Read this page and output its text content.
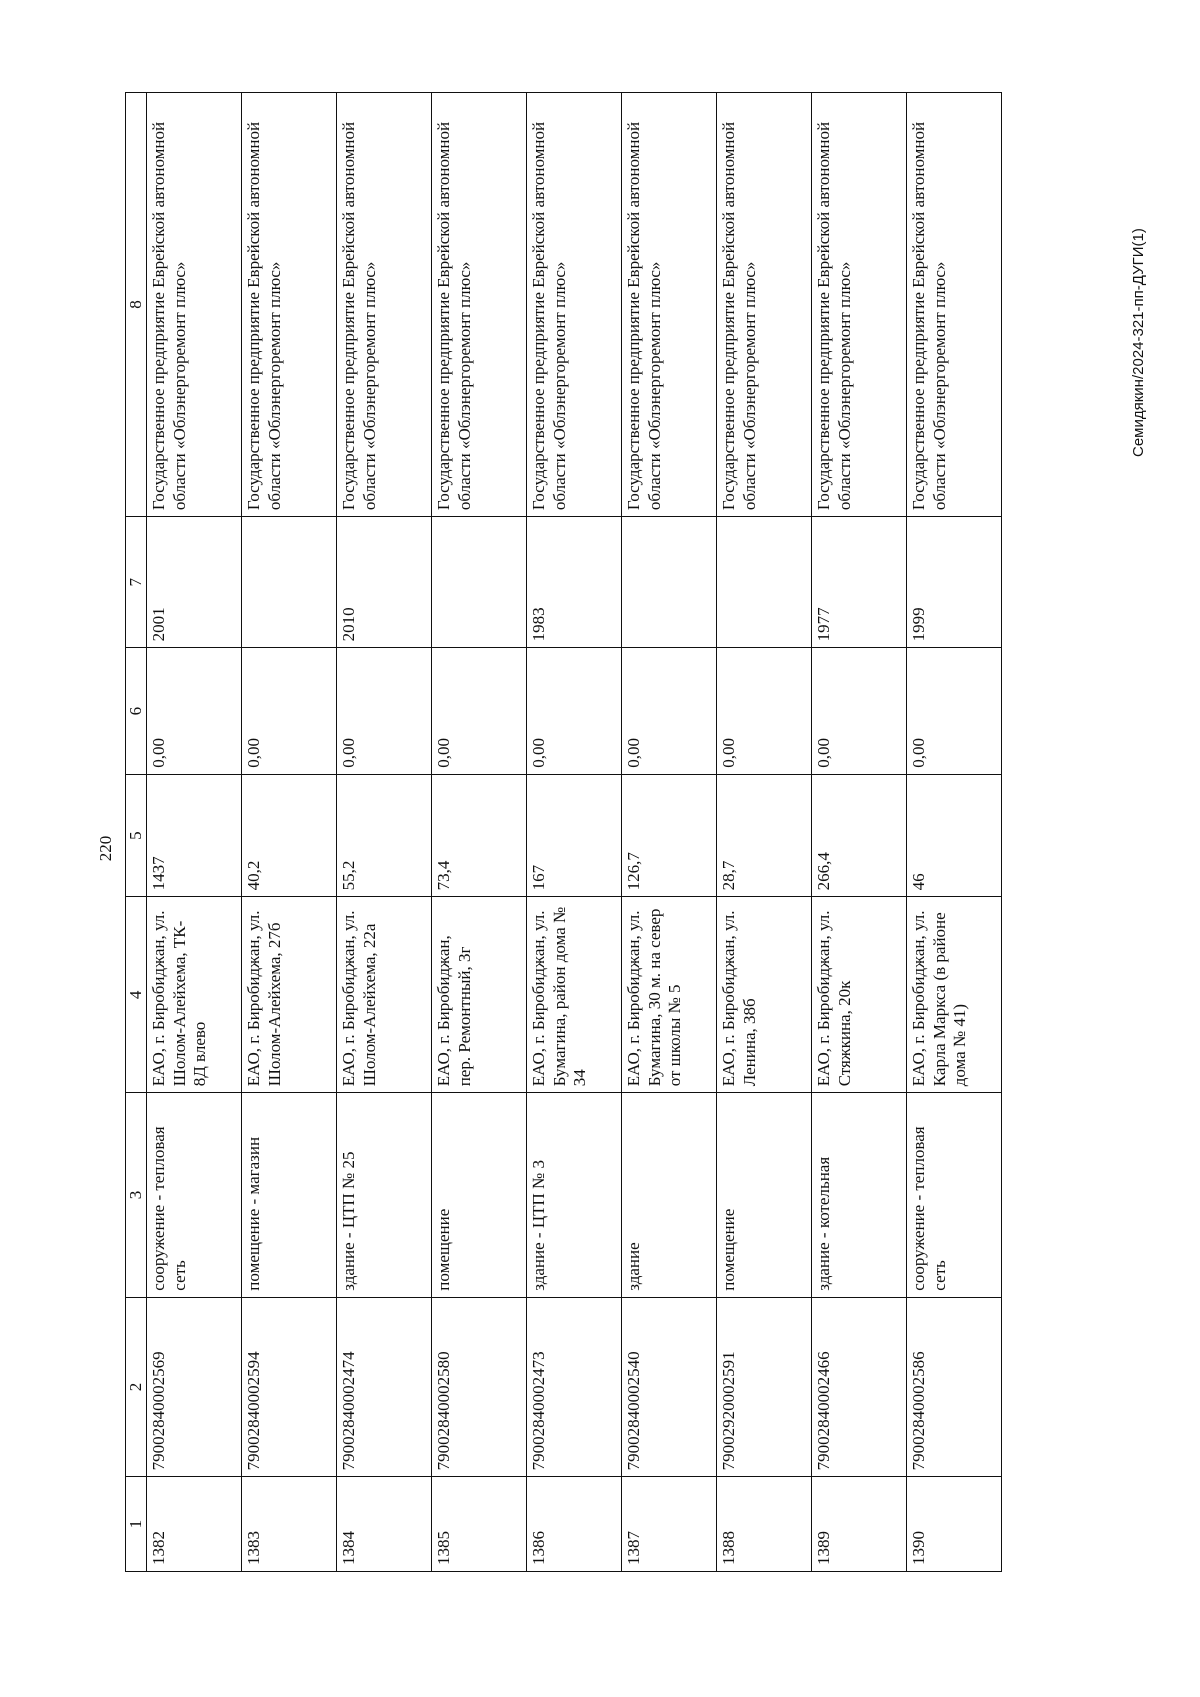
220
1	2	3	4	5	6	7	8
1382	79002840002569	сооружение - тепловая сеть	ЕАО, г. Биробиджан, ул. Шолом-Алейхема, ТК- 8Д влево	1437	0,00	2001	Государственное предприятие Еврейской автономной области «Облэнергоремонт плюс»
1383	79002840002594	помещение - магазин	ЕАО, г. Биробиджан, ул. Шолом-Алейхема, 27б	40,2	0,00		Государственное предприятие Еврейской автономной области «Облэнергоремонт плюс»
1384	79002840002474	здание - ЦТП № 25	ЕАО, г. Биробиджан, ул. Шолом-Алейхема, 22а	55,2	0,00	2010	Государственное предприятие Еврейской автономной области «Облэнергоремонт плюс»
1385	79002840002580	помещение	ЕАО, г. Биробиджан, пер. Ремонтный, 3г	73,4	0,00		Государственное предприятие Еврейской автономной области «Облэнергоремонт плюс»
1386	79002840002473	здание - ЦТП № 3	ЕАО, г. Биробиджан, ул. Бумагина, район дома № 34	167	0,00	1983	Государственное предприятие Еврейской автономной области «Облэнергоремонт плюс»
1387	79002840002540	здание	ЕАО, г. Биробиджан, ул. Бумагина, 30 м. на север от школы № 5	126,7	0,00		Государственное предприятие Еврейской автономной области «Облэнергоремонт плюс»
1388	79002920002591	помещение	ЕАО, г. Биробиджан, ул. Ленина, 38б	28,7	0,00		Государственное предприятие Еврейской автономной области «Облэнергоремонт плюс»
1389	79002840002466	здание - котельная	ЕАО, г. Биробиджан, ул. Стяжкина, 20к	266,4	0,00	1977	Государственное предприятие Еврейской автономной области «Облэнергоремонт плюс»
1390	79002840002586	сооружение - тепловая сеть	ЕАО, г. Биробиджан, ул. Карла Маркса (в районе дома № 41)	46	0,00	1999	Государственное предприятие Еврейской автономной области «Облэнергоремонт плюс»	Семидякин/2024-321-пп-ДУГИ(1)
